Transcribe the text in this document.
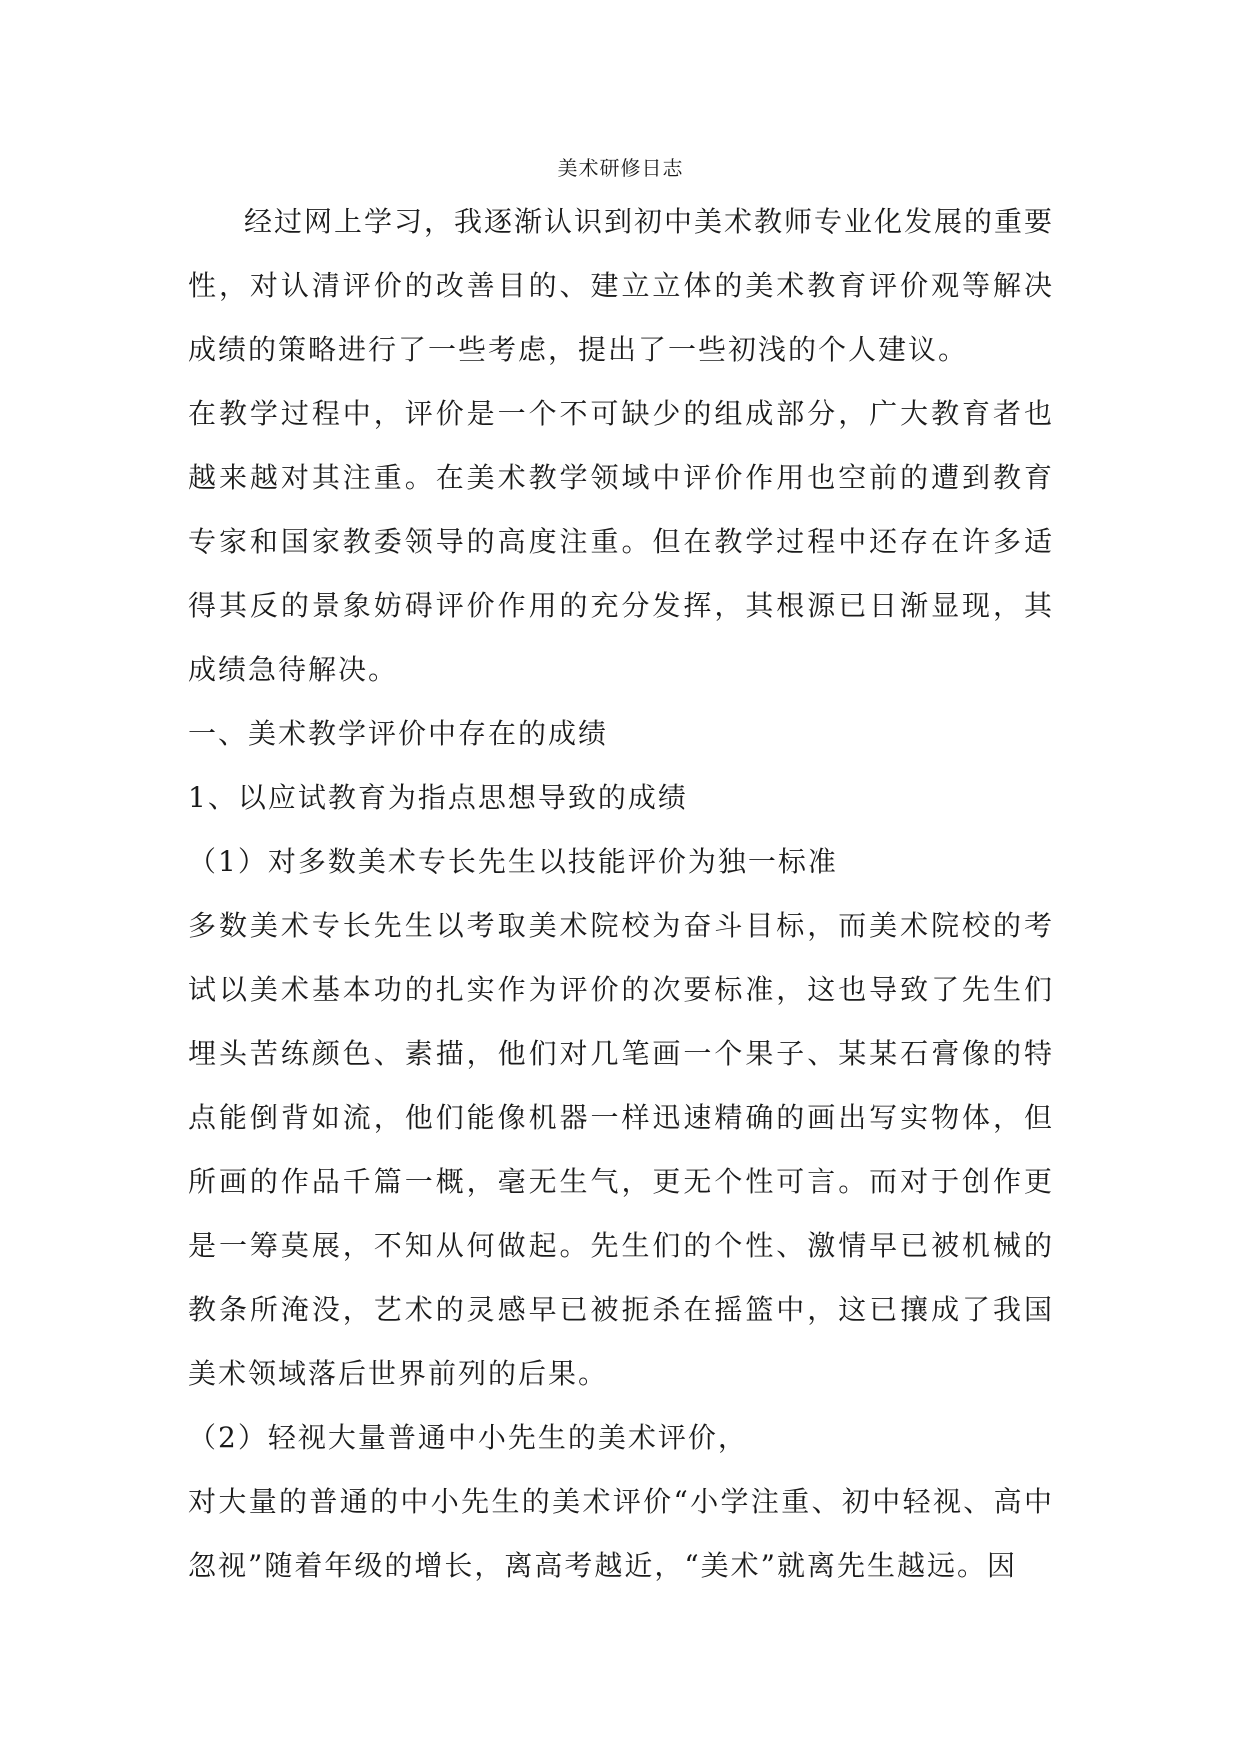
美术研修日志

经过网上学习，我逐渐认识到初中美术教师专业化发展的重要性，对认清评价的改善目的、建立立体的美术教育评价观等解决成绩的策略进行了一些考虑，提出了一些初浅的个人建议。

在教学过程中，评价是一个不可缺少的组成部分，广大教育者也越来越对其注重。在美术教学领域中评价作用也空前的遭到教育专家和国家教委领导的高度注重。但在教学过程中还存在许多适得其反的景象妨碍评价作用的充分发挥，其根源已日渐显现，其成绩急待解决。

一、美术教学评价中存在的成绩

1、以应试教育为指点思想导致的成绩

（1）对多数美术专长先生以技能评价为独一标准

多数美术专长先生以考取美术院校为奋斗目标，而美术院校的考试以美术基本功的扎实作为评价的次要标准，这也导致了先生们埋头苦练颜色、素描，他们对几笔画一个果子、某某石膏像的特点能倒背如流，他们能像机器一样迅速精确的画出写实物体，但所画的作品千篇一概，毫无生气，更无个性可言。而对于创作更是一筹莫展，不知从何做起。先生们的个性、激情早已被机械的教条所淹没，艺术的灵感早已被扼杀在摇篮中，这已攘成了我国美术领域落后世界前列的后果。

（2）轻视大量普通中小先生的美术评价，

对大量的普通的中小先生的美术评价“小学注重、初中轻视、高中忽视”随着年级的增长，离高考越近，“美术”就离先生越远。因
